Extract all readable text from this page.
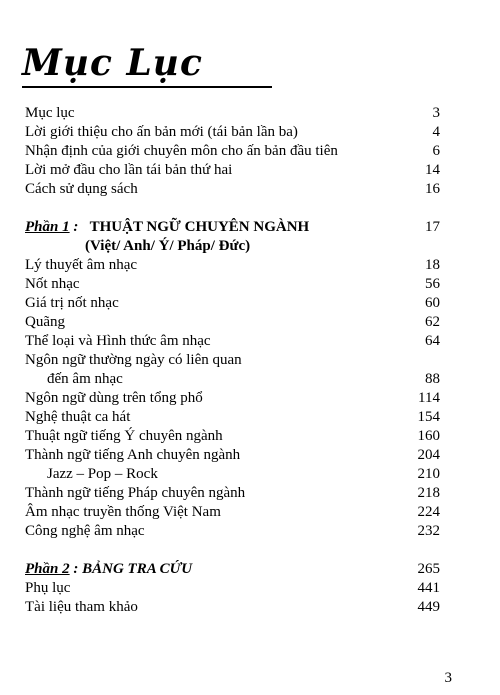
Mục Lục
Mục lục	3
Lời giới thiệu cho ấn bản mới (tái bản lần ba)	4
Nhận định của giới chuyên môn cho ấn bản đầu tiên	6
Lời mở đầu cho lần tái bản thứ hai	14
Cách sử dụng sách	16
Phần 1 : THUẬT NGỮ CHUYÊN NGÀNH	17
(Việt/ Anh/ Ý/ Pháp/ Đức)
Lý thuyết âm nhạc	18
Nốt nhạc	56
Giá trị nốt nhạc	60
Quãng	62
Thể loại và Hình thức âm nhạc	64
Ngôn ngữ thường ngày có liên quan
đến âm nhạc	88
Ngôn ngữ dùng trên tổng phổ	114
Nghệ thuật ca hát	154
Thuật ngữ tiếng Ý chuyên ngành	160
Thành ngữ tiếng Anh chuyên ngành	204
Jazz – Pop – Rock	210
Thành ngữ tiếng Pháp chuyên ngành	218
Âm nhạc truyền thống Việt Nam	224
Công nghệ âm nhạc	232
Phần 2 : BẢNG TRA CỨU	265
Phụ lục	441
Tài liệu tham khảo	449
3
